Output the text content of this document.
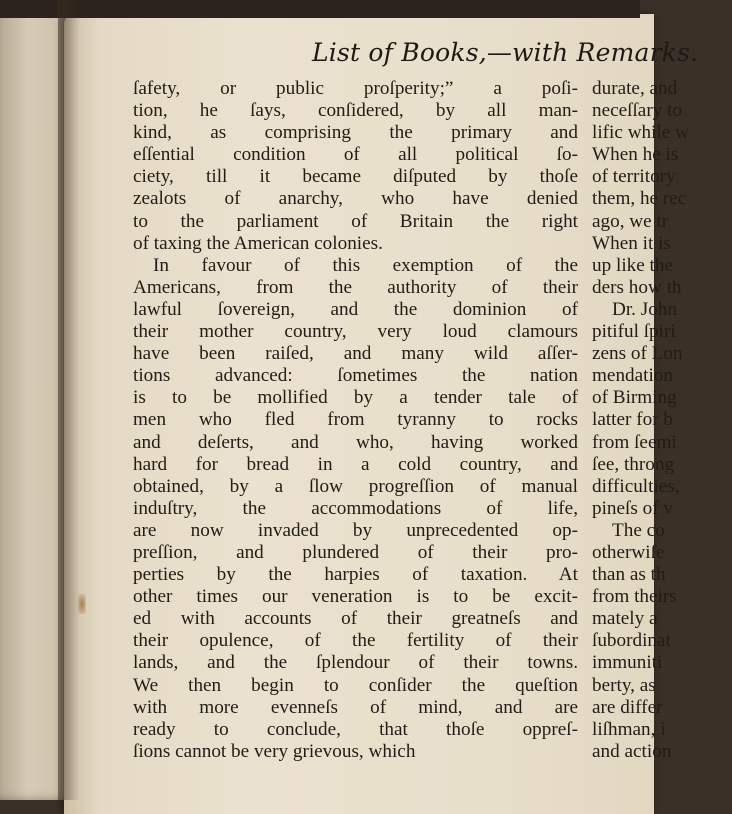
List of Books,—with Remarks.
ſafety, or public proſperity;” a poſi-
tion, he ſays, conſidered, by all man-
kind, as comprising the primary and
eſſential condition of all political ſo-
ciety, till it became diſputed by thoſe
zealots of anarchy, who have denied
to the parliament of Britain the right
of taxing the American colonies.
In favour of this exemption of the
Americans, from the authority of their
lawful ſovereign, and the dominion of
their mother country, very loud clamours
have been raiſed, and many wild aſſer-
tions advanced: ſometimes the nation
is to be mollified by a tender tale of
men who fled from tyranny to rocks
and deſerts, and who, having worked
hard for bread in a cold country, and
obtained, by a ſlow progreſſion of manual
induſtry, the accommodations of life,
are now invaded by unprecedented op-
preſſion, and plundered of their pro-
perties by the harpies of taxation. At
other times our veneration is to be excit-
ed with accounts of their greatneſs and
their opulence, of the fertility of their
lands, and the ſplendour of their towns.
We then begin to conſider the queſtion
with more evenneſs of mind, and are
ready to conclude, that thoſe oppreſ-
ſions cannot be very grievous, which
durate, and
neceſſary to
lific while w
When he is
of territory
them, he rec
ago, we tr
When it is
up like the
ders how th
Dr. John
pitiful ſpiri
zens of Lon
mendation
of Birming
latter for b
from ſeemi
ſee, throng
difficulties,
pineſs of v
The co
otherwiſe
than as th
from theirs
mately a
ſubordinat
immuniti
berty, as
are differ
liſhman, i
and action
